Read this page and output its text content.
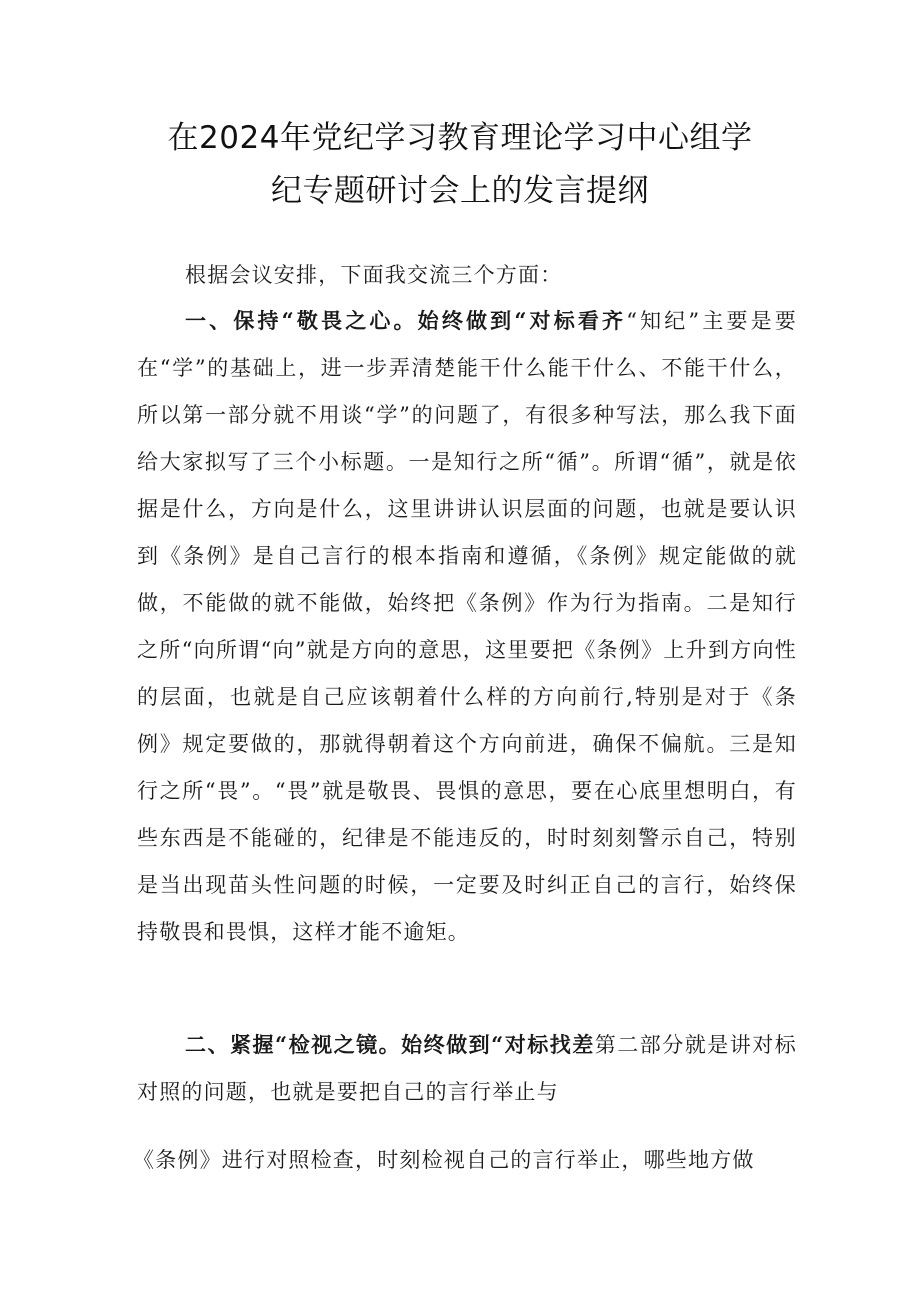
在2024年党纪学习教育理论学习中心组学
纪专题研讨会上的发言提纲

根据会议安排，下面我交流三个方面：

一、保持“敬畏之心。始终做到“对标看齐“知纪”主要是要在“学”的基础上，进一步弄清楚能干什么能干什么、不能干什么，所以第一部分就不用谈“学”的问题了，有很多种写法，那么我下面给大家拟写了三个小标题。一是知行之所“循”。所谓“循”，就是依据是什么，方向是什么，这里讲讲认识层面的问题，也就是要认识到《条例》是自己言行的根本指南和遵循，《条例》规定能做的就做，不能做的就不能做，始终把《条例》作为行为指南。二是知行之所“向所谓“向”就是方向的意思，这里要把《条例》上升到方向性的层面，也就是自己应该朝着什么样的方向前行,特别是对于《条例》规定要做的，那就得朝着这个方向前进，确保不偏航。三是知行之所“畏”。“畏”就是敬畏、畏惧的意思，要在心底里想明白，有些东西是不能碰的，纪律是不能违反的，时时刻刻警示自己，特别是当出现苗头性问题的时候，一定要及时纠正自己的言行，始终保持敬畏和畏惧，这样才能不逾矩。

二、紧握“检视之镜。始终做到“对标找差第二部分就是讲对标对照的问题，也就是要把自己的言行举止与

《条例》进行对照检查，时刻检视自己的言行举止，哪些地方做
